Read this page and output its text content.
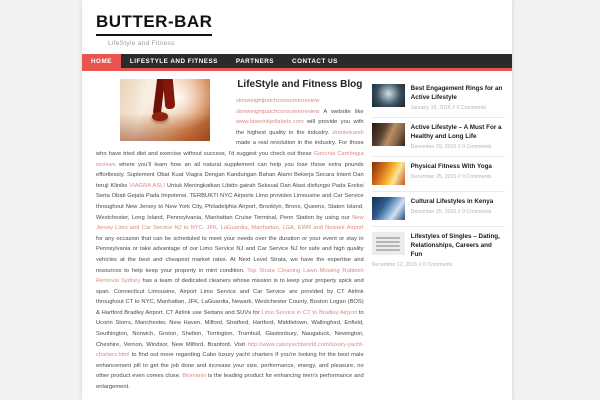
BUTTER-BAR
LifeStyle and Fitness
HOME	LIFESTYLE AND FITNESS	PARTNERS	CONTACT US
LifeStyle and Fitness Blog

slimweightpatchconsumerreview slimweightpatchconsumerreview A website like www.laserinkjetlabels.com will provide you with the highest quality in the industry. dranielsandi made a real revolution in the industry. For those who have tried diet and exercise without success, I'd suggest you check out these Garcinia Cambogia reviews where you'll learn how an all natural supplement can help you lose those extra pounds effortlessly. Suplement Obat Kuat Viagra Dengan Kandungan Bahan Alami Bekerja Secara Intent Dan teruji Kliniks VIAGRA ASLI Untuk Meningkatkan Libido gairah Seksual Dan Atasi disfungsi Pada Ereksi Serta Obati Gejala Pada Impotensi. TERBUKTI NYC Airports Limo provides Limousine and Car Service throughout New Jersey to New York City, Philadelphia Airport, Brooklyn, Bronx, Queens, Staten Island, Westchester, Long Island, Pennsylvania, Manhattan Cruise Terminal, Penn Station by using our New Jersey Limo and Car Service NJ to NYC, JFK, LaGuardia, Manhattan, LGA, EWR and Newark Airport for any occasion that can be scheduled to meet your needs over the duration or your event or stay in Pennsylvania or take advantage of our Limo Service NJ and Car Service NJ for safe and high quality vehicles at the best and cheapest market rates. At Next Level Strata, we have the expertise and resources to help keep your property in mint condition. Top Strata Cleaning Lawn Mowing Rubbish Removal Sydney has a team of dedicated cleaners whose mission is to keep your property spick and span. Connecticut Limousine, Airport Limo Service and Car Service are provided by CT Airlink throughout CT to NYC, Manhattan, JFK, LaGuardia, Newark, Westchester County, Boston Logan (BOS) & Hartford Bradley Airport. CT Airlink use Sedans and SUVs for Limo Service in CT to Bradley Airport to Uconn Storrs, Manchester, New Haven, Milford, Stratford, Hartford, Middletown, Wallingford, Enfield, Southington, Norwich, Groton, Shelton, Torrington, Trumbull, Glastonbury, Naugatuck, Newington, Cheshire, Vernon, Windsor, New Milford, Branford. Visit http://www.caboyachtworld.com/luxury-yacht-charters.html to find out more regarding Cabo luxury yacht charters If you're looking for the best male enhancement pill to get the job done and increase your size, performance, energy, and pleasure, no other product even comes close. Biomanix is the leading product for enhancing men's performance and enlargement.

Best Engagement Rings for an Active Lifestyle
January 19, 2016 // 0 Comments
Active Lifestyle – A Must For a Healthy and Long Life
December 29, 2015 // 0 Comments
Physical Fitness With Yoga
December 25, 2015 // 0 Comments
Cultural Lifestyles in Kenya
December 25, 2015 // 0 Comments
Lifestyles of Singles – Dating, Relationships, Careers and Fun
December 12, 2015 // 0 Comments
